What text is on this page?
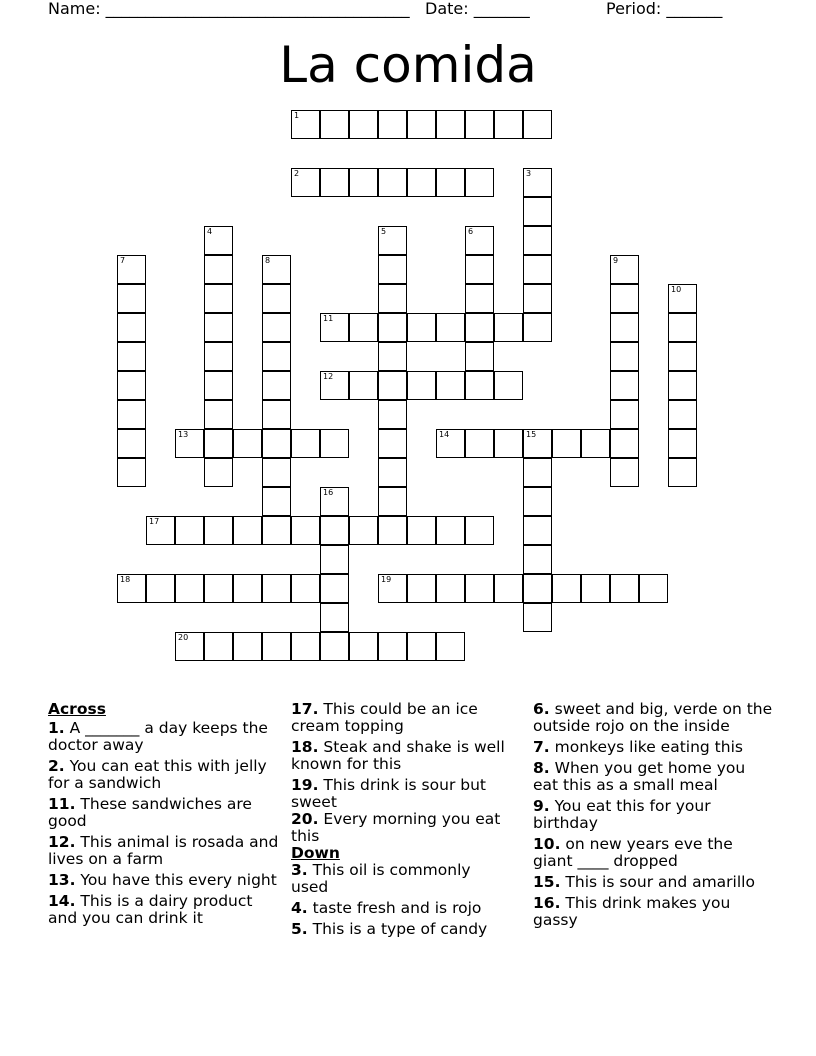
Name: ______________________________________ Date: _______	Period: _______
La comida
1
2	3
4	5	6
7	8	9
10
11
12
13	14	15
16
17
18	19
20
Across
1. A _______ a day keeps the doctor away
2. You can eat this with jelly for a sandwich
11. These sandwiches are good
12. This animal is rosada and lives on a farm
13. You have this every night
14. This is a dairy product and you can drink it
17. This could be an ice cream topping
18. Steak and shake is well known for this
19. This drink is sour but sweet
20. Every morning you eat this
Down
3. This oil is commonly used
4. taste fresh and is rojo
5. This is a type of candy
6. sweet and big, verde on the outside rojo on the inside
7. monkeys like eating this
8. When you get home you eat this as a small meal
9. You eat this for your birthday
10. on new years eve the giant ____ dropped
15. This is sour and amarillo
16. This drink makes you gassy
